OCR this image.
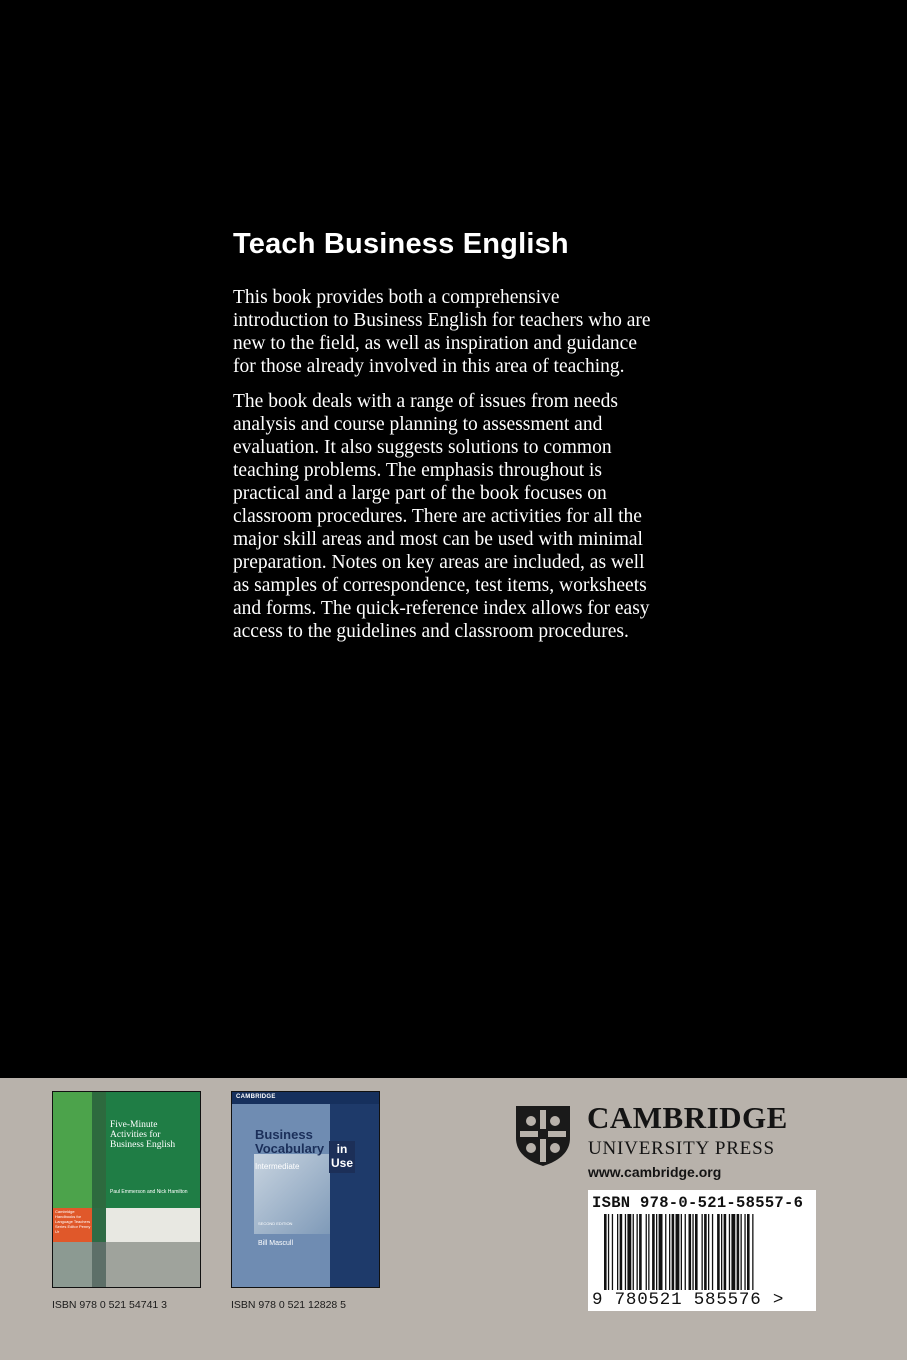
Teach Business English

This book provides both a comprehensive introduction to Business English for teachers who are new to the field, as well as inspiration and guidance for those already involved in this area of teaching.

The book deals with a range of issues from needs analysis and course planning to assessment and evaluation. It also suggests solutions to common teaching problems. The emphasis throughout is practical and a large part of the book focuses on classroom procedures. There are activities for all the major skill areas and most can be used with minimal preparation. Notes on key areas are included, as well as samples of correspondence, test items, worksheets and forms. The quick-reference index allows for easy access to the guidelines and classroom procedures.

Five-Minute Activities for Business English
Paul Emmerson and Nick Hamilton
Cambridge Handbooks for Language Teachers Series Editor Penny Ur
ISBN 978 0 521 54741 3
CAMBRIDGE
Business
Vocabulary	in Use
Intermediate
SECOND EDITION
Bill Mascull
ISBN 978 0 521 12828 5
CAMBRIDGE
UNIVERSITY PRESS
www.cambridge.org
ISBN 978-0-521-58557-6
9 780521 585576 >
